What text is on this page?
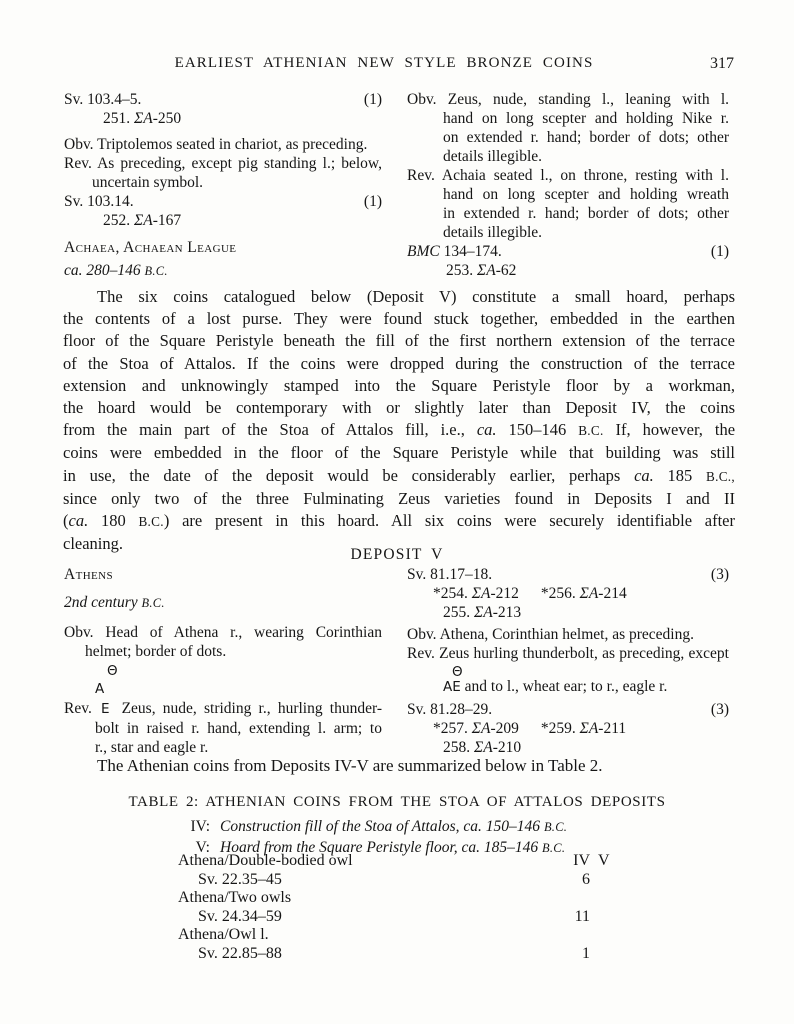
EARLIEST ATHENIAN NEW STYLE BRONZE COINS	317
Sv. 103.4–5.	(1)
251. ΣA-250
Obv. Triptolemos seated in chariot, as preceding.
Rev. As preceding, except pig standing l.; below,
uncertain symbol.
Sv. 103.14.	(1)
252. ΣA-167
Achaea, Achaean League
ca. 280–146 B.C.
Obv. Zeus, nude, standing l., leaning with l.
hand on long scepter and holding Nike r.
on extended r. hand; border of dots; other
details illegible.
Rev. Achaia seated l., on throne, resting with l.
hand on long scepter and holding wreath
in extended r. hand; border of dots; other
details illegible.
BMC 134–174.	(1)
253. ΣA-62
The six coins catalogued below (Deposit V) constitute a small hoard, perhaps
the contents of a lost purse. They were found stuck together, embedded in the earthen
floor of the Square Peristyle beneath the fill of the first northern extension of the terrace
of the Stoa of Attalos. If the coins were dropped during the construction of the terrace
extension and unknowingly stamped into the Square Peristyle floor by a workman,
the hoard would be contemporary with or slightly later than Deposit IV, the coins
from the main part of the Stoa of Attalos fill, i.e., ca. 150–146 B.C. If, however, the
coins were embedded in the floor of the Square Peristyle while that building was still
in use, the date of the deposit would be considerably earlier, perhaps ca. 185 B.C.,
since only two of the three Fulminating Zeus varieties found in Deposits I and II
(ca. 180 B.C.) are present in this hoard. All six coins were securely identifiable after
cleaning.
DEPOSIT V
Athens
2nd century B.C.
Obv. Head of Athena r., wearing Corinthian
helmet; border of dots.
Θ
A
Rev. E Zeus, nude, striding r., hurling thunder-
bolt in raised r. hand, extending l. arm; to
r., star and eagle r.
Sv. 81.17–18.	(3)
*254. ΣA-212 *256. ΣA-214
255. ΣA-213
Obv. Athena, Corinthian helmet, as preceding.
Rev. Zeus hurling thunderbolt, as preceding, except
Θ
AE and to l., wheat ear; to r., eagle r.
Sv. 81.28–29.	(3)
*257. ΣA-209 *259. ΣA-211
258. ΣA-210
The Athenian coins from Deposits IV-V are summarized below in Table 2.
TABLE 2: ATHENIAN COINS FROM THE STOA OF ATTALOS DEPOSITS
IV: Construction fill of the Stoa of Attalos, ca. 150–146 B.C.
V: Hoard from the Square Peristyle floor, ca. 185–146 B.C.
IV V
Athena/Double-bodied owl
Sv. 22.35–45	6
Athena/Two owls
Sv. 24.34–59	11
Athena/Owl l.
Sv. 22.85–88	1
